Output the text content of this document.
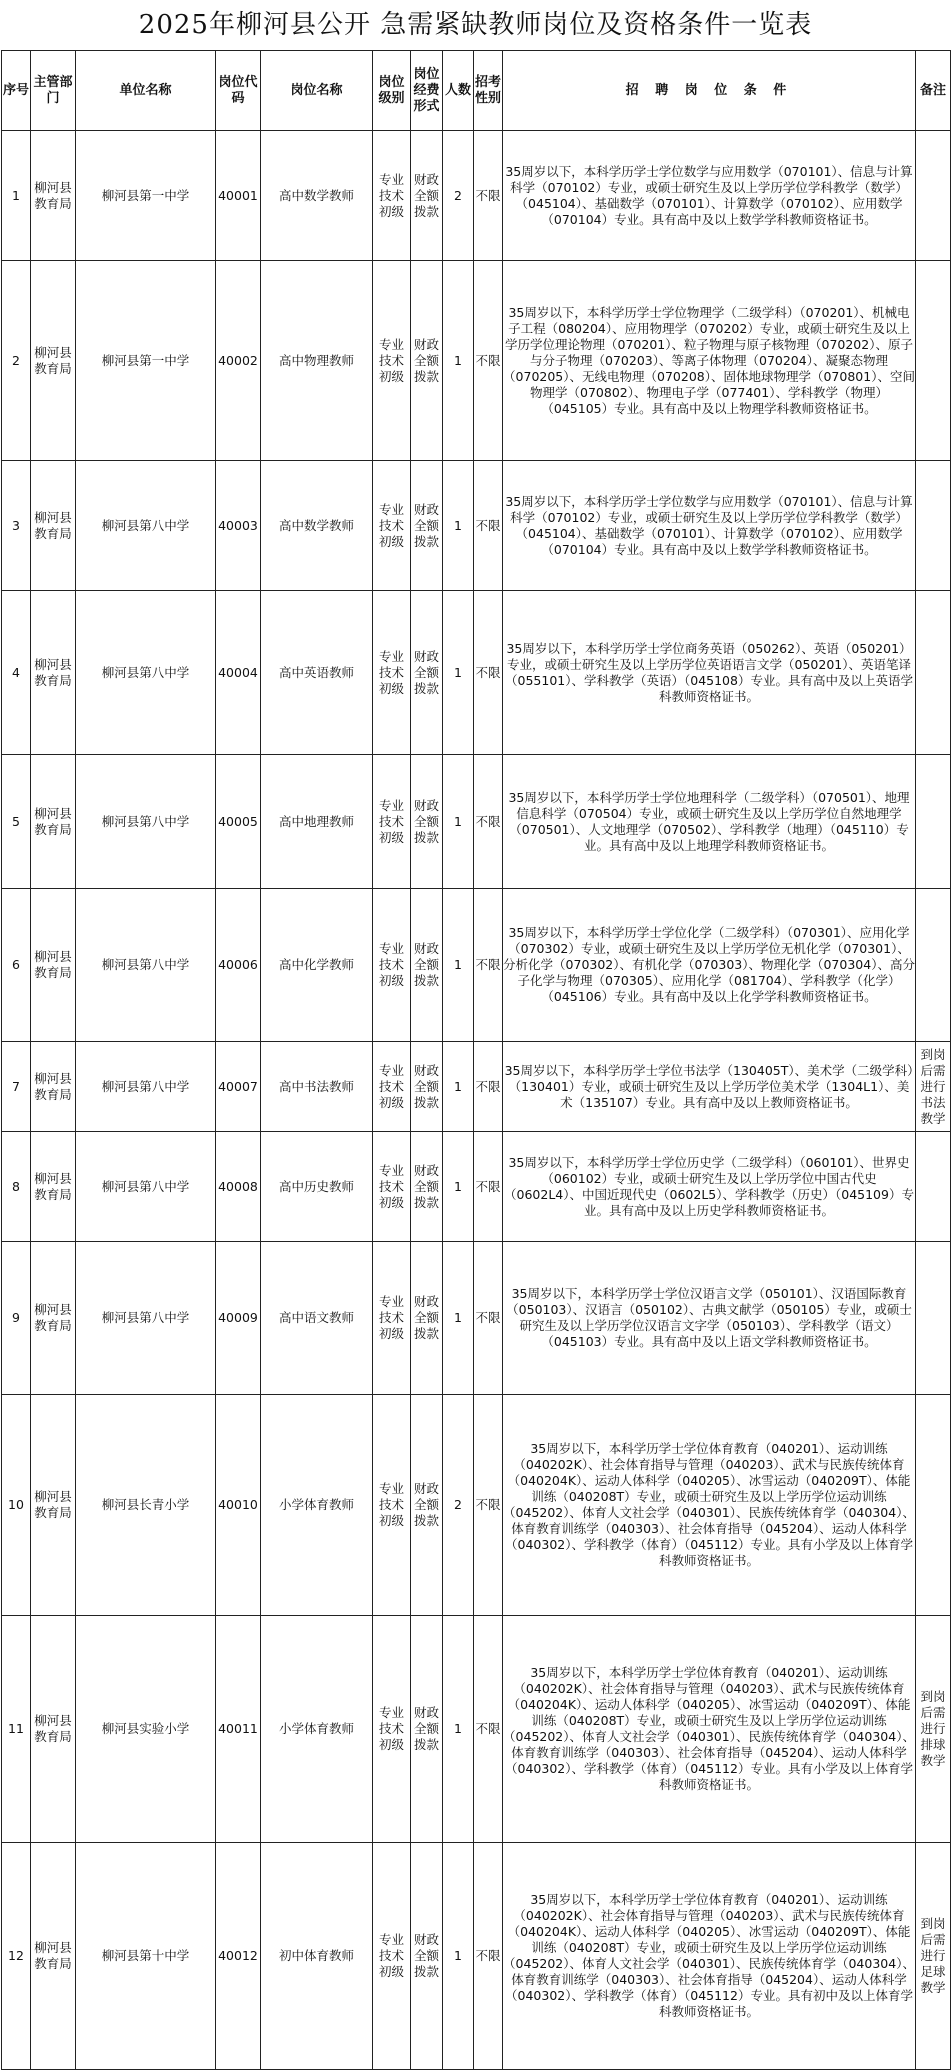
2025年柳河县公开 急需紧缺教师岗位及资格条件一览表
序号	主管部门	单位名称	岗位代码	岗位名称	岗位级别	岗位经费形式	人数	招考性别	招 聘 岗 位 条 件	备注
1	柳河县教育局	柳河县第一中学	40001	高中数学教师	专业技术初级	财政全额拨款	2	不限	35周岁以下，本科学历学士学位数学与应用数学（070101）、信息与计算科学（070102）专业，或硕士研究生及以上学历学位学科教学（数学）（045104）、基础数学（070101）、计算数学（070102）、应用数学（070104）专业。具有高中及以上数学学科教师资格证书。	
2	柳河县教育局	柳河县第一中学	40002	高中物理教师	专业技术初级	财政全额拨款	1	不限	35周岁以下，本科学历学士学位物理学（二级学科）（070201）、机械电子工程（080204）、应用物理学（070202）专业，或硕士研究生及以上学历学位理论物理（070201）、粒子物理与原子核物理（070202）、原子与分子物理（070203）、等离子体物理（070204）、凝聚态物理（070205）、无线电物理（070208）、固体地球物理学（070801）、空间物理学（070802）、物理电子学（077401）、学科教学（物理）（045105）专业。具有高中及以上物理学科教师资格证书。	
3	柳河县教育局	柳河县第八中学	40003	高中数学教师	专业技术初级	财政全额拨款	1	不限	35周岁以下，本科学历学士学位数学与应用数学（070101）、信息与计算科学（070102）专业，或硕士研究生及以上学历学位学科教学（数学）（045104）、基础数学（070101）、计算数学（070102）、应用数学（070104）专业。具有高中及以上数学学科教师资格证书。	
4	柳河县教育局	柳河县第八中学	40004	高中英语教师	专业技术初级	财政全额拨款	1	不限	35周岁以下，本科学历学士学位商务英语（050262）、英语（050201）专业，或硕士研究生及以上学历学位英语语言文学（050201）、英语笔译（055101）、学科教学（英语）（045108）专业。具有高中及以上英语学科教师资格证书。	
5	柳河县教育局	柳河县第八中学	40005	高中地理教师	专业技术初级	财政全额拨款	1	不限	35周岁以下，本科学历学士学位地理科学（二级学科）（070501）、地理信息科学（070504）专业，或硕士研究生及以上学历学位自然地理学（070501）、人文地理学（070502）、学科教学（地理）（045110）专业。具有高中及以上地理学科教师资格证书。	
6	柳河县教育局	柳河县第八中学	40006	高中化学教师	专业技术初级	财政全额拨款	1	不限	35周岁以下，本科学历学士学位化学（二级学科）（070301）、应用化学（070302）专业，或硕士研究生及以上学历学位无机化学（070301）、分析化学（070302）、有机化学（070303）、物理化学（070304）、高分子化学与物理（070305）、应用化学（081704）、学科教学（化学）（045106）专业。具有高中及以上化学学科教师资格证书。	
7	柳河县教育局	柳河县第八中学	40007	高中书法教师	专业技术初级	财政全额拨款	1	不限	35周岁以下，本科学历学士学位书法学（130405T）、美术学（二级学科）（130401）专业，或硕士研究生及以上学历学位美术学（1304L1）、美术（135107）专业。具有高中及以上教师资格证书。	到岗后需进行书法教学
8	柳河县教育局	柳河县第八中学	40008	高中历史教师	专业技术初级	财政全额拨款	1	不限	35周岁以下，本科学历学士学位历史学（二级学科）（060101）、世界史（060102）专业，或硕士研究生及以上学历学位中国古代史（0602L4）、中国近现代史（0602L5）、学科教学（历史）（045109）专业。具有高中及以上历史学科教师资格证书。	
9	柳河县教育局	柳河县第八中学	40009	高中语文教师	专业技术初级	财政全额拨款	1	不限	35周岁以下，本科学历学士学位汉语言文学（050101）、汉语国际教育（050103）、汉语言（050102）、古典文献学（050105）专业，或硕士研究生及以上学历学位汉语言文字学（050103）、学科教学（语文）（045103）专业。具有高中及以上语文学科教师资格证书。	
10	柳河县教育局	柳河县长青小学	40010	小学体育教师	专业技术初级	财政全额拨款	2	不限	35周岁以下，本科学历学士学位体育教育（040201）、运动训练（040202K）、社会体育指导与管理（040203）、武术与民族传统体育（040204K）、运动人体科学（040205）、冰雪运动（040209T）、体能训练（040208T）专业，或硕士研究生及以上学历学位运动训练（045202）、体育人文社会学（040301）、民族传统体育学（040304）、体育教育训练学（040303）、社会体育指导（045204）、运动人体科学（040302）、学科教学（体育）（045112）专业。具有小学及以上体育学科教师资格证书。	
11	柳河县教育局	柳河县实验小学	40011	小学体育教师	专业技术初级	财政全额拨款	1	不限	35周岁以下，本科学历学士学位体育教育（040201）、运动训练（040202K）、社会体育指导与管理（040203）、武术与民族传统体育（040204K）、运动人体科学（040205）、冰雪运动（040209T）、体能训练（040208T）专业，或硕士研究生及以上学历学位运动训练（045202）、体育人文社会学（040301）、民族传统体育学（040304）、体育教育训练学（040303）、社会体育指导（045204）、运动人体科学（040302）、学科教学（体育）（045112）专业。具有小学及以上体育学科教师资格证书。	到岗后需进行排球教学
12	柳河县教育局	柳河县第十中学	40012	初中体育教师	专业技术初级	财政全额拨款	1	不限	35周岁以下，本科学历学士学位体育教育（040201）、运动训练（040202K）、社会体育指导与管理（040203）、武术与民族传统体育（040204K）、运动人体科学（040205）、冰雪运动（040209T）、体能训练（040208T）专业，或硕士研究生及以上学历学位运动训练（045202）、体育人文社会学（040301）、民族传统体育学（040304）、体育教育训练学（040303）、社会体育指导（045204）、运动人体科学（040302）、学科教学（体育）（045112）专业。具有初中及以上体育学科教师资格证书。	到岗后需进行足球教学
